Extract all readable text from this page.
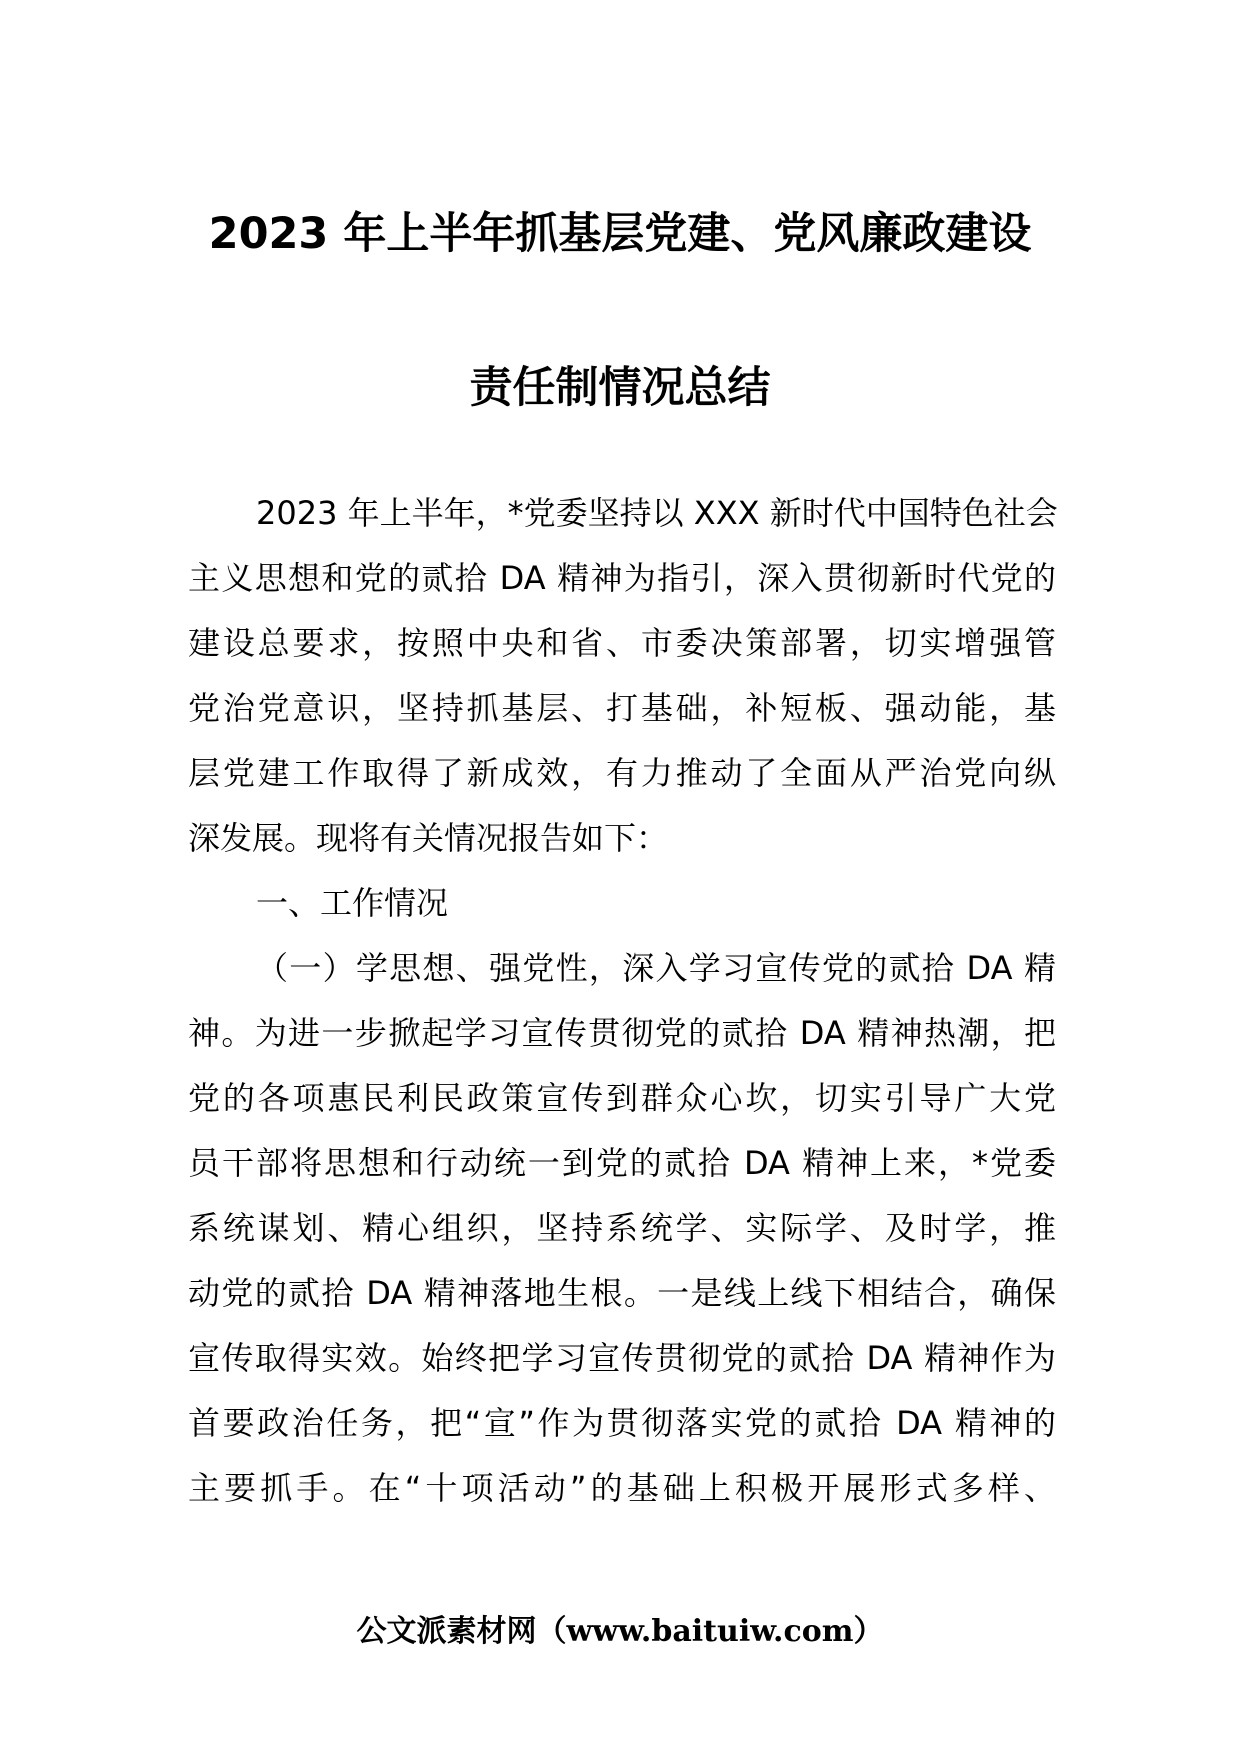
2023 年上半年抓基层党建、党风廉政建设
责任制情况总结
2023 年上半年，*党委坚持以 XXX 新时代中国特色社会
主义思想和党的贰拾 DA 精神为指引，深入贯彻新时代党的
建设总要求，按照中央和省、市委决策部署，切实增强管
党治党意识，坚持抓基层、打基础，补短板、强动能，基
层党建工作取得了新成效，有力推动了全面从严治党向纵
深发展。现将有关情况报告如下：
一、工作情况
（一）学思想、强党性，深入学习宣传党的贰拾 DA 精
神。为进一步掀起学习宣传贯彻党的贰拾 DA 精神热潮，把
党的各项惠民利民政策宣传到群众心坎，切实引导广大党
员干部将思想和行动统一到党的贰拾 DA 精神上来，*党委
系统谋划、精心组织，坚持系统学、实际学、及时学，推
动党的贰拾 DA 精神落地生根。一是线上线下相结合，确保
宣传取得实效。始终把学习宣传贯彻党的贰拾 DA 精神作为
首要政治任务，把“宣”作为贯彻落实党的贰拾 DA 精神的
主要抓手。在“十项活动”的基础上积极开展形式多样、
公文派素材网（www.baituiw.com）
